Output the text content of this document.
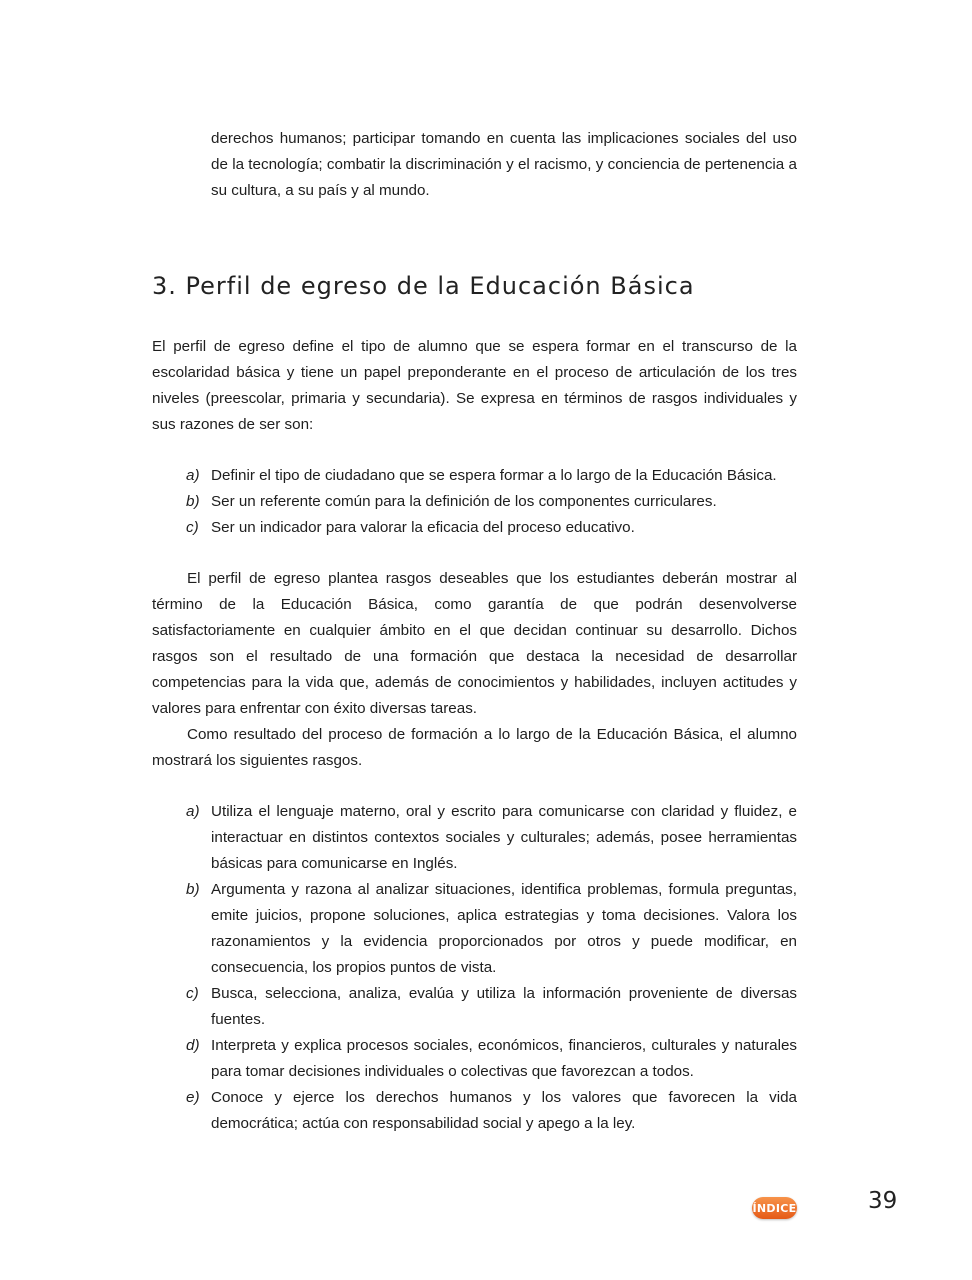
derechos humanos; participar tomando en cuenta las implicaciones sociales del uso de la tecnología; combatir la discriminación y el racismo, y conciencia de pertenencia a su cultura, a su país y al mundo.

3. Perfil de egreso de la Educación Básica

El perfil de egreso define el tipo de alumno que se espera formar en el transcurso de la escolaridad básica y tiene un papel preponderante en el proceso de articulación de los tres niveles (preescolar, primaria y secundaria). Se expresa en términos de rasgos individuales y sus razones de ser son:

a) Definir el tipo de ciudadano que se espera formar a lo largo de la Educación Básica.
b) Ser un referente común para la definición de los componentes curriculares.
c) Ser un indicador para valorar la eficacia del proceso educativo.

El perfil de egreso plantea rasgos deseables que los estudiantes deberán mostrar al término de la Educación Básica, como garantía de que podrán desenvolverse satisfactoriamente en cualquier ámbito en el que decidan continuar su desarrollo. Dichos rasgos son el resultado de una formación que destaca la necesidad de desarrollar competencias para la vida que, además de conocimientos y habilidades, incluyen actitudes y valores para enfrentar con éxito diversas tareas.

Como resultado del proceso de formación a lo largo de la Educación Básica, el alumno mostrará los siguientes rasgos.

a) Utiliza el lenguaje materno, oral y escrito para comunicarse con claridad y fluidez, e interactuar en distintos contextos sociales y culturales; además, posee herramientas básicas para comunicarse en Inglés.
b) Argumenta y razona al analizar situaciones, identifica problemas, formula preguntas, emite juicios, propone soluciones, aplica estrategias y toma decisiones. Valora los razonamientos y la evidencia proporcionados por otros y puede modificar, en consecuencia, los propios puntos de vista.
c) Busca, selecciona, analiza, evalúa y utiliza la información proveniente de diversas fuentes.
d) Interpreta y explica procesos sociales, económicos, financieros, culturales y naturales para tomar decisiones individuales o colectivas que favorezcan a todos.
e) Conoce y ejerce los derechos humanos y los valores que favorecen la vida democrática; actúa con responsabilidad social y apego a la ley.
ÍNDICE	39
